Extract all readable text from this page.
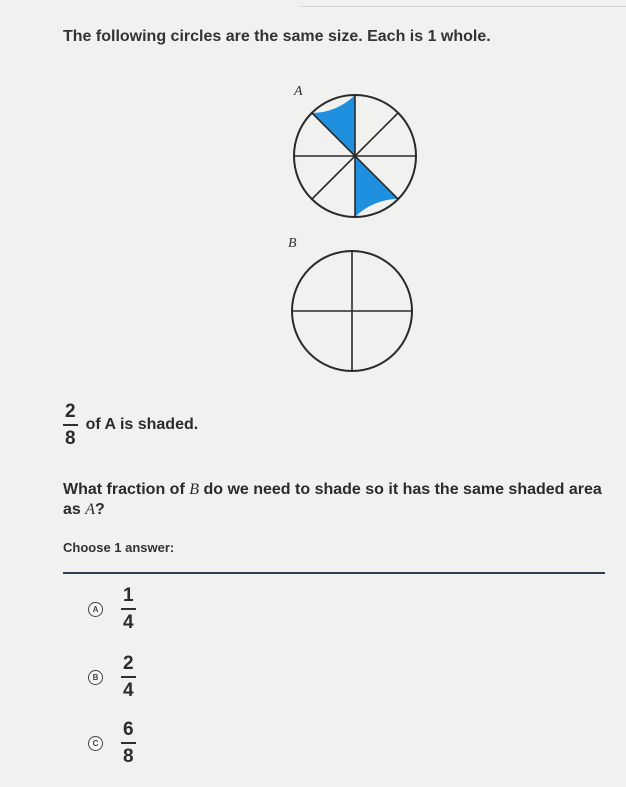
The following circles are the same size. Each is 1 whole.
A
B
$\frac{2}{8}$ of A is shaded.
What fraction of B do we need to shade so it has the same shaded area as A?
Choose 1 answer:
A $\frac{1}{4}$
B $\frac{2}{4}$
C $\frac{6}{8}$
